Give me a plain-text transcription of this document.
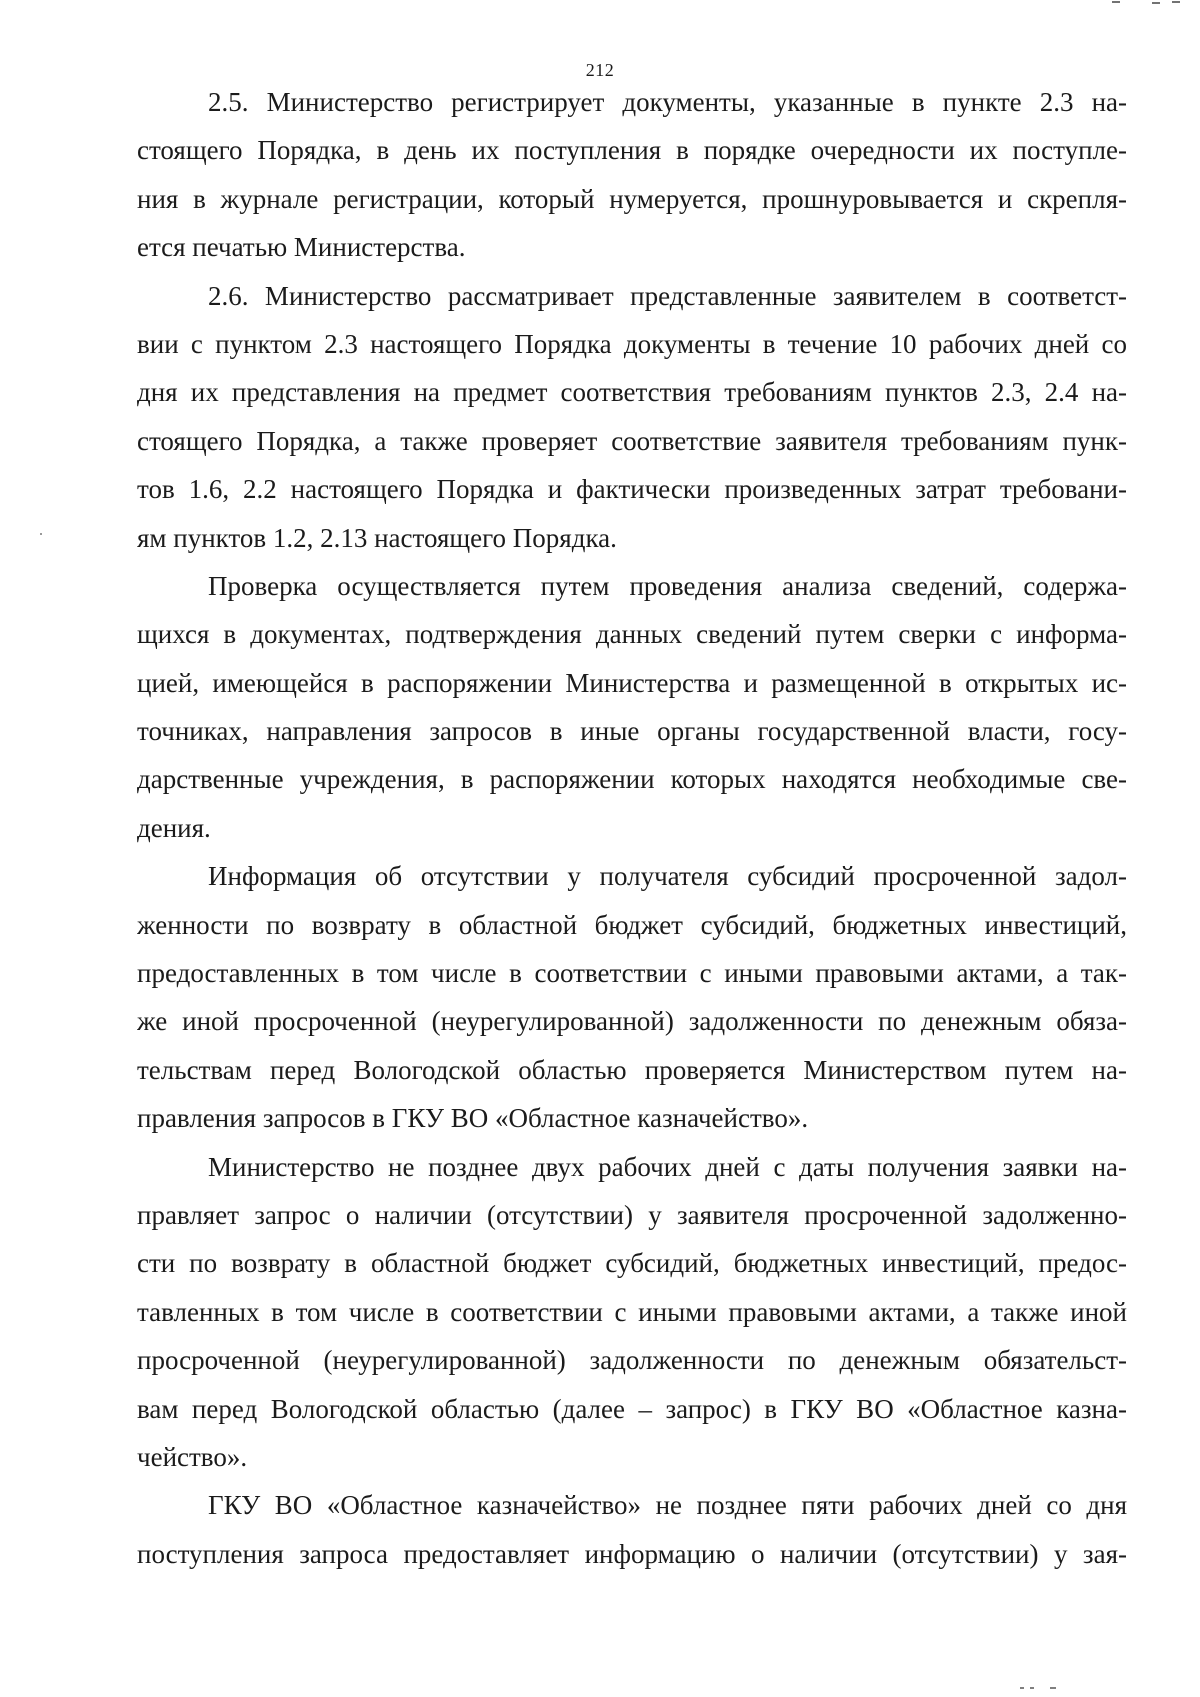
212
2.5. Министерство регистрирует документы, указанные в пункте 2.3 на-
стоящего Порядка, в день их поступления в порядке очередности их поступле-
ния в журнале регистрации, который нумеруется, прошнуровывается и скрепля-
ется печатью Министерства.
2.6. Министерство рассматривает представленные заявителем в соответст-
вии с пунктом 2.3 настоящего Порядка документы в течение 10 рабочих дней со
дня их представления на предмет соответствия требованиям пунктов 2.3, 2.4 на-
стоящего Порядка, а также проверяет соответствие заявителя требованиям пунк-
тов 1.6, 2.2 настоящего Порядка и фактически произведенных затрат требовани-
ям пунктов 1.2, 2.13 настоящего Порядка.
Проверка осуществляется путем проведения анализа сведений, содержа-
щихся в документах, подтверждения данных сведений путем сверки с информа-
цией, имеющейся в распоряжении Министерства и размещенной в открытых ис-
точниках, направления запросов в иные органы государственной власти, госу-
дарственные учреждения, в распоряжении которых находятся необходимые све-
дения.
Информация об отсутствии у получателя субсидий просроченной задол-
женности по возврату в областной бюджет субсидий, бюджетных инвестиций,
предоставленных в том числе в соответствии с иными правовыми актами, а так-
же иной просроченной (неурегулированной) задолженности по денежным обяза-
тельствам перед Вологодской областью проверяется Министерством путем на-
правления запросов в ГКУ ВО «Областное казначейство».
Министерство не позднее двух рабочих дней с даты получения заявки на-
правляет запрос о наличии (отсутствии) у заявителя просроченной задолженно-
сти по возврату в областной бюджет субсидий, бюджетных инвестиций, предос-
тавленных в том числе в соответствии с иными правовыми актами, а также иной
просроченной (неурегулированной) задолженности по денежным обязательст-
вам перед Вологодской областью (далее – запрос) в ГКУ ВО «Областное казна-
чейство».
ГКУ ВО «Областное казначейство» не позднее пяти рабочих дней со дня
поступления запроса предоставляет информацию о наличии (отсутствии) у зая-
